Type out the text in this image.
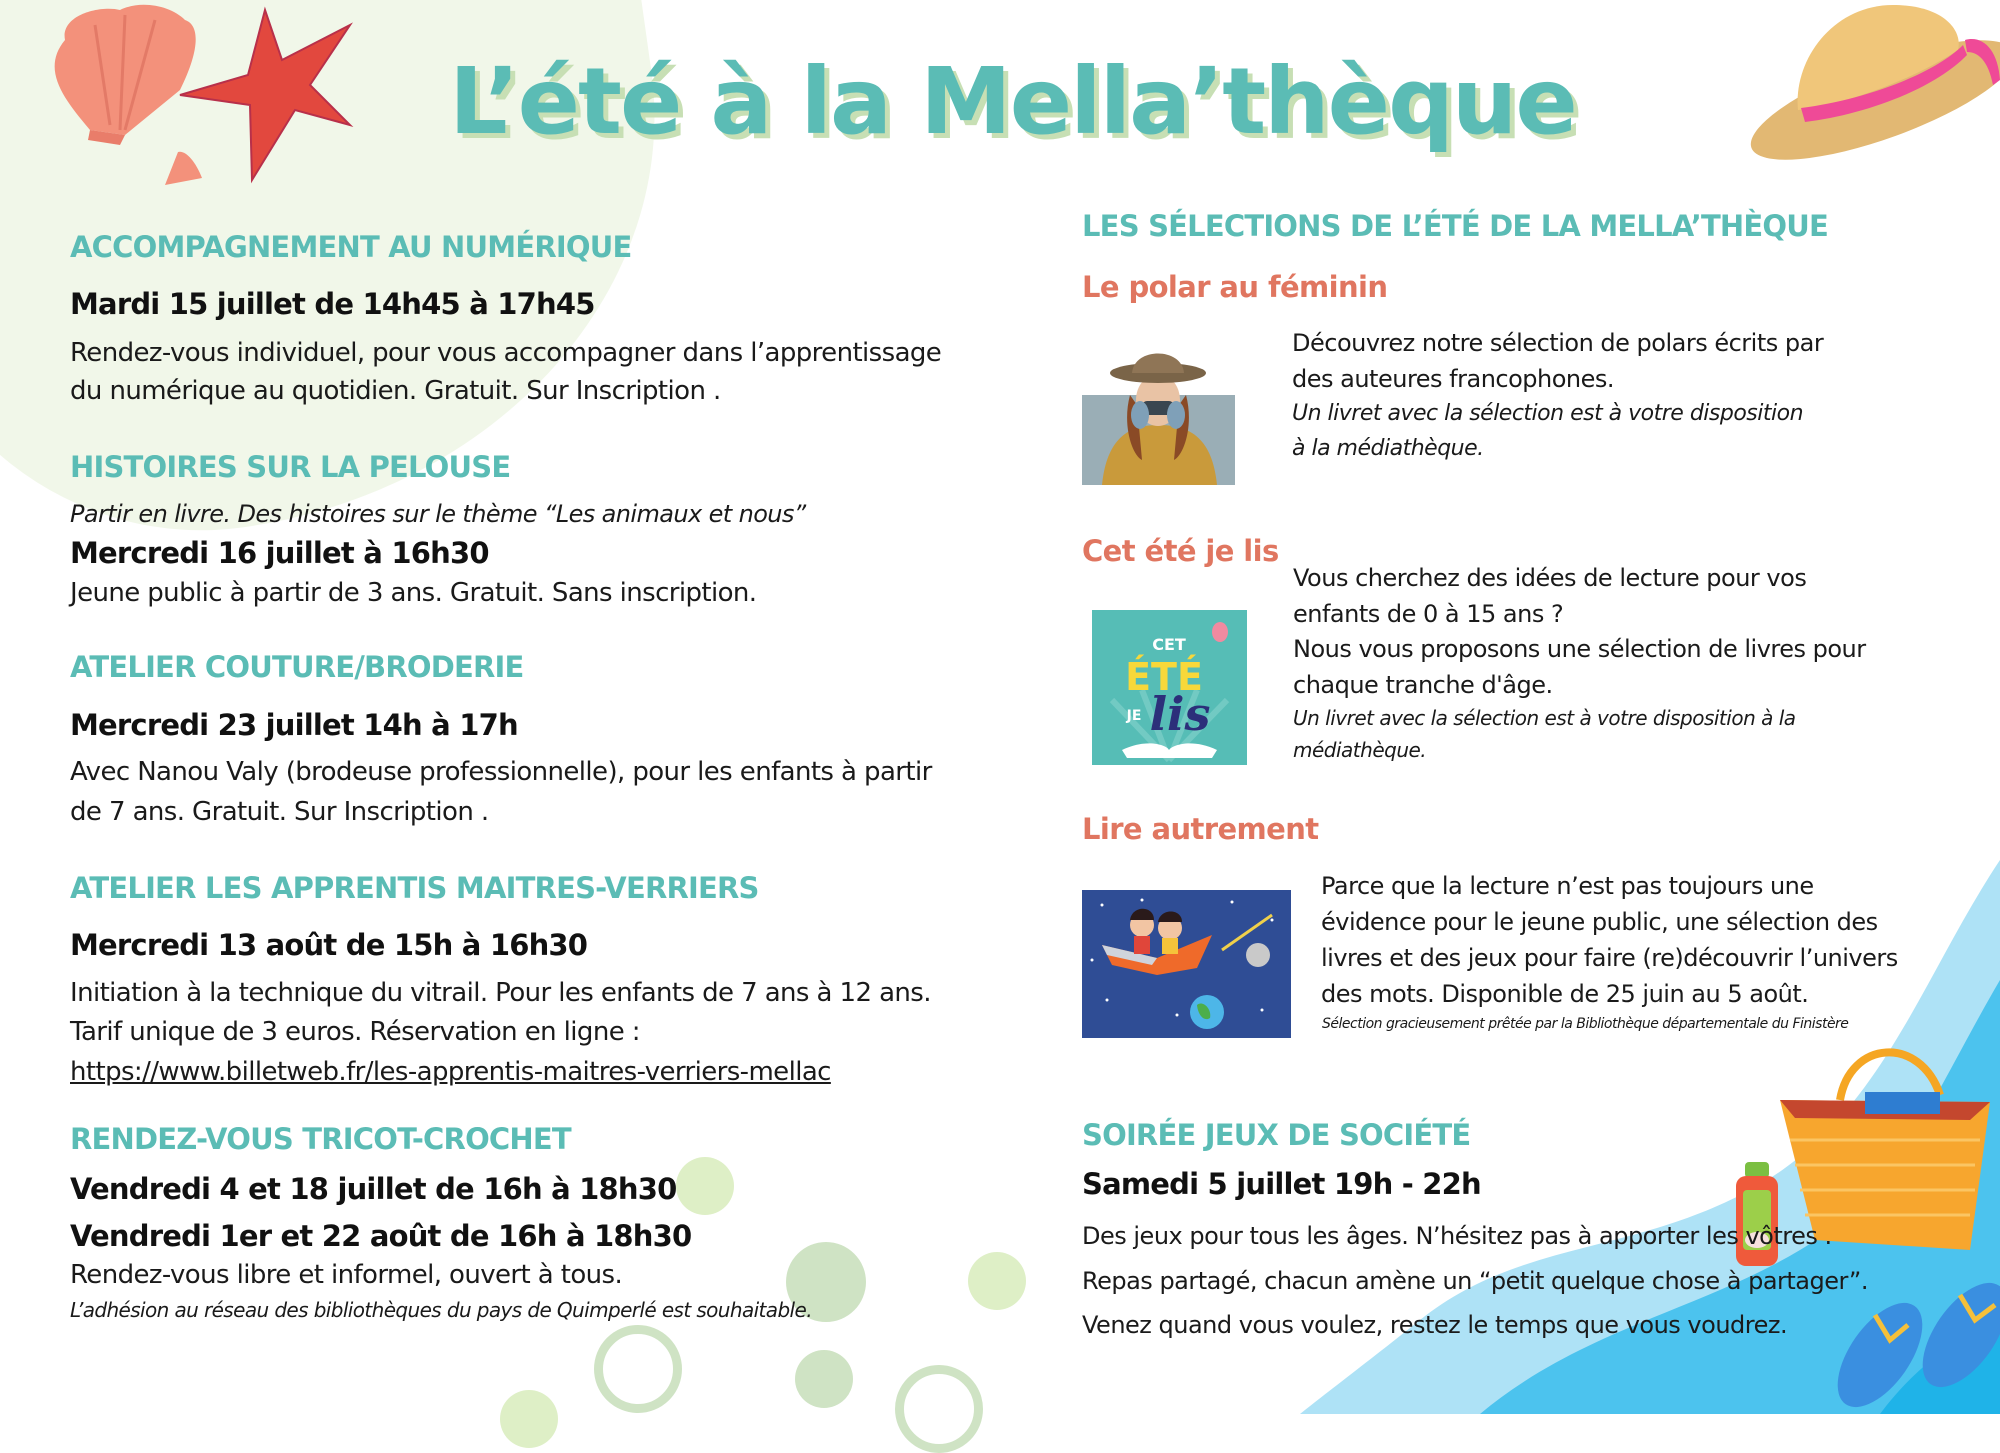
L’été à la Mella’thèque
ACCOMPAGNEMENT AU NUMÉRIQUE
Mardi 15 juillet de 14h45 à 17h45
Rendez-vous individuel, pour vous accompagner dans l’apprentissage
du numérique au quotidien. Gratuit. Sur Inscription .
HISTOIRES SUR LA PELOUSE
Partir en livre. Des histoires sur le thème “Les animaux et nous”
Mercredi 16 juillet à 16h30
Jeune public à partir de 3 ans. Gratuit. Sans inscription.
ATELIER COUTURE/BRODERIE
Mercredi 23 juillet 14h à 17h
Avec Nanou Valy (brodeuse professionnelle), pour les enfants à partir
de 7 ans. Gratuit. Sur Inscription .
ATELIER LES APPRENTIS MAITRES-VERRIERS
Mercredi 13 août de 15h à 16h30
Initiation à la technique du vitrail. Pour les enfants de 7 ans à 12 ans.
Tarif unique de 3 euros. Réservation en ligne :
https://www.billetweb.fr/les-apprentis-maitres-verriers-mellac
RENDEZ-VOUS TRICOT-CROCHET
Vendredi 4 et 18 juillet de 16h à 18h30
Vendredi 1er et 22 août de 16h à 18h30
Rendez-vous libre et informel, ouvert à tous.
L’adhésion au réseau des bibliothèques du pays de Quimperlé est souhaitable.
LES SÉLECTIONS DE L’ÉTÉ DE LA MELLA’THÈQUE
Le polar au féminin
Découvrez notre sélection de polars écrits par
des auteures francophones.
Un livret avec la sélection est à votre disposition
à la médiathèque.
Cet été je lis
CET
ÉTÉ
JE lis
Vous cherchez des idées de lecture pour vos
enfants de 0 à 15 ans ?
Nous vous proposons une sélection de livres pour
chaque tranche d'âge.
Un livret avec la sélection est à votre disposition à la
médiathèque.
Lire autrement
Parce que la lecture n’est pas toujours une
évidence pour le jeune public, une sélection des
livres et des jeux pour faire (re)découvrir l’univers
des mots. Disponible de 25 juin au 5 août.
Sélection gracieusement prêtée par la Bibliothèque départementale du Finistère
SOIRÉE JEUX DE SOCIÉTÉ
Samedi 5 juillet 19h - 22h
Des jeux pour tous les âges. N’hésitez pas à apporter les vôtres .
Repas partagé, chacun amène un “petit quelque chose à partager”.
Venez quand vous voulez, restez le temps que vous voudrez.
